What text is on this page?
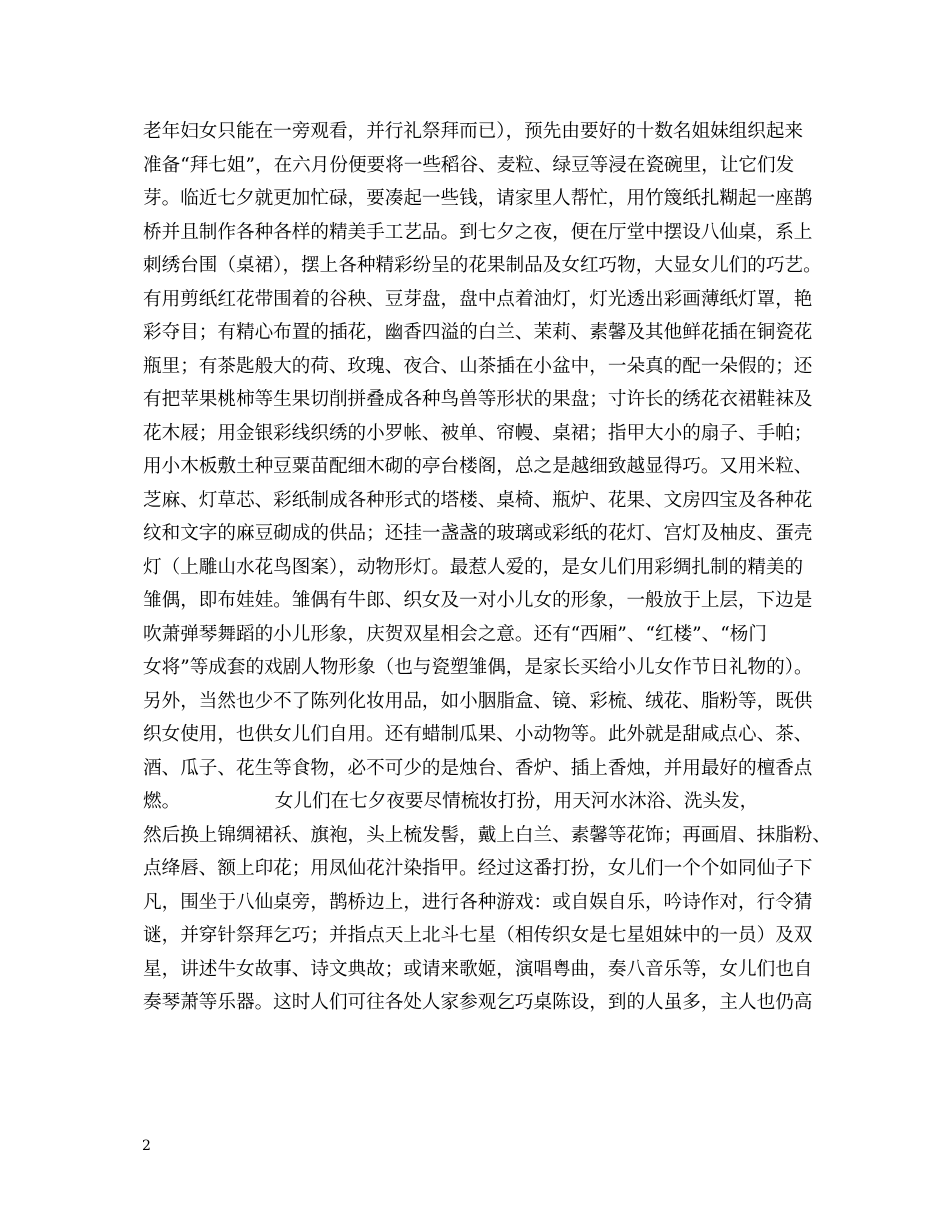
老年妇女只能在一旁观看，并行礼祭拜而已），预先由要好的十数名姐妹组织起来
准备“拜七姐”，在六月份便要将一些稻谷、麦粒、绿豆等浸在瓷碗里，让它们发
芽。临近七夕就更加忙碌，要凑起一些钱，请家里人帮忙，用竹篾纸扎糊起一座鹊
桥并且制作各种各样的精美手工艺品。到七夕之夜，便在厅堂中摆设八仙桌，系上
刺绣台围（桌裙），摆上各种精彩纷呈的花果制品及女红巧物，大显女儿们的巧艺。
有用剪纸红花带围着的谷秧、豆芽盘，盘中点着油灯，灯光透出彩画薄纸灯罩，艳
彩夺目；有精心布置的插花，幽香四溢的白兰、茉莉、素馨及其他鲜花插在铜瓷花
瓶里；有茶匙般大的荷、玫瑰、夜合、山茶插在小盆中，一朵真的配一朵假的；还
有把苹果桃柿等生果切削拼叠成各种鸟兽等形状的果盘；寸许长的绣花衣裙鞋袜及
花木屐；用金银彩线织绣的小罗帐、被单、帘幔、桌裙；指甲大小的扇子、手帕；
用小木板敷土种豆粟苗配细木砌的亭台楼阁，总之是越细致越显得巧。又用米粒、
芝麻、灯草芯、彩纸制成各种形式的塔楼、桌椅、瓶炉、花果、文房四宝及各种花
纹和文字的麻豆砌成的供品；还挂一盏盏的玻璃或彩纸的花灯、宫灯及柚皮、蛋壳
灯（上雕山水花鸟图案），动物形灯。最惹人爱的，是女儿们用彩绸扎制的精美的
雏偶，即布娃娃。雏偶有牛郎、织女及一对小儿女的形象，一般放于上层，下边是
吹萧弹琴舞蹈的小儿形象，庆贺双星相会之意。还有“西厢”、“红楼”、“杨门
女将”等成套的戏剧人物形象（也与瓷塑雏偶，是家长买给小儿女作节日礼物的）。
另外，当然也少不了陈列化妆用品，如小胭脂盒、镜、彩梳、绒花、脂粉等，既供
织女使用，也供女儿们自用。还有蜡制瓜果、小动物等。此外就是甜咸点心、茶、
酒、瓜子、花生等食物，必不可少的是烛台、香炉、插上香烛，并用最好的檀香点
燃。                女儿们在七夕夜要尽情梳妆打扮，用天河水沐浴、洗头发，
然后换上锦绸裙袄、旗袍，头上梳发髻，戴上白兰、素馨等花饰；再画眉、抹脂粉、
点绛唇、额上印花；用凤仙花汁染指甲。经过这番打扮，女儿们一个个如同仙子下
凡，围坐于八仙桌旁，鹊桥边上，进行各种游戏：或自娱自乐，吟诗作对，行令猜
谜，并穿针祭拜乞巧；并指点天上北斗七星（相传织女是七星姐妹中的一员）及双
星，讲述牛女故事、诗文典故；或请来歌姬，演唱粤曲，奏八音乐等，女儿们也自
奏琴萧等乐器。这时人们可往各处人家参观乞巧桌陈设，到的人虽多，主人也仍高
2
